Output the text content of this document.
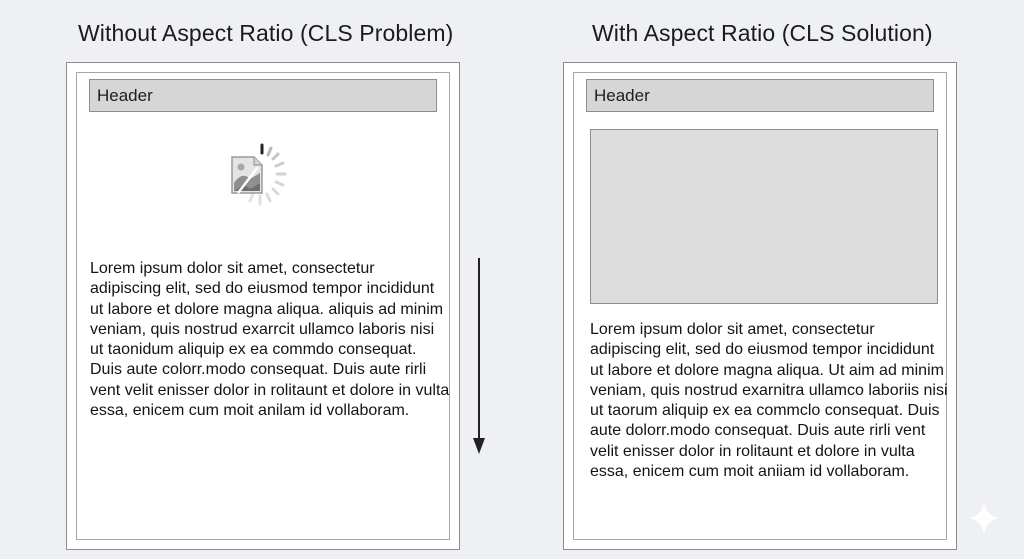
Without Aspect Ratio (CLS Problem)	With Aspect Ratio (CLS Solution)
Header

Lorem ipsum dolor sit amet, consectetur adipiscing elit, sed do eiusmod tempor incididunt ut labore et dolore magna aliqua. aliquis ad minim veniam, quis nostrud exarrcit ullamco laboris nisi ut taonidum aliquip ex ea commdo consequat. Duis aute colorr.modo consequat. Duis aute rirli vent velit enisser dolor in rolitaunt et dolore in vulta essa, enicem cum moit anilam id vollaboram.

Header

Lorem ipsum dolor sit amet, consectetur adipiscing elit, sed do eiusmod tempor incididunt ut labore et dolore magna aliqua. Ut aim ad minim veniam, quis nostrud exarnitra ullamco laboriis nisi ut taorum aliquip ex ea commclo consequat. Duis aute dolorr.modo consequat. Duis aute rirli vent velit enisser dolor in rolitaunt et dolore in vulta essa, enicem cum moit aniiam id vollaboram.
